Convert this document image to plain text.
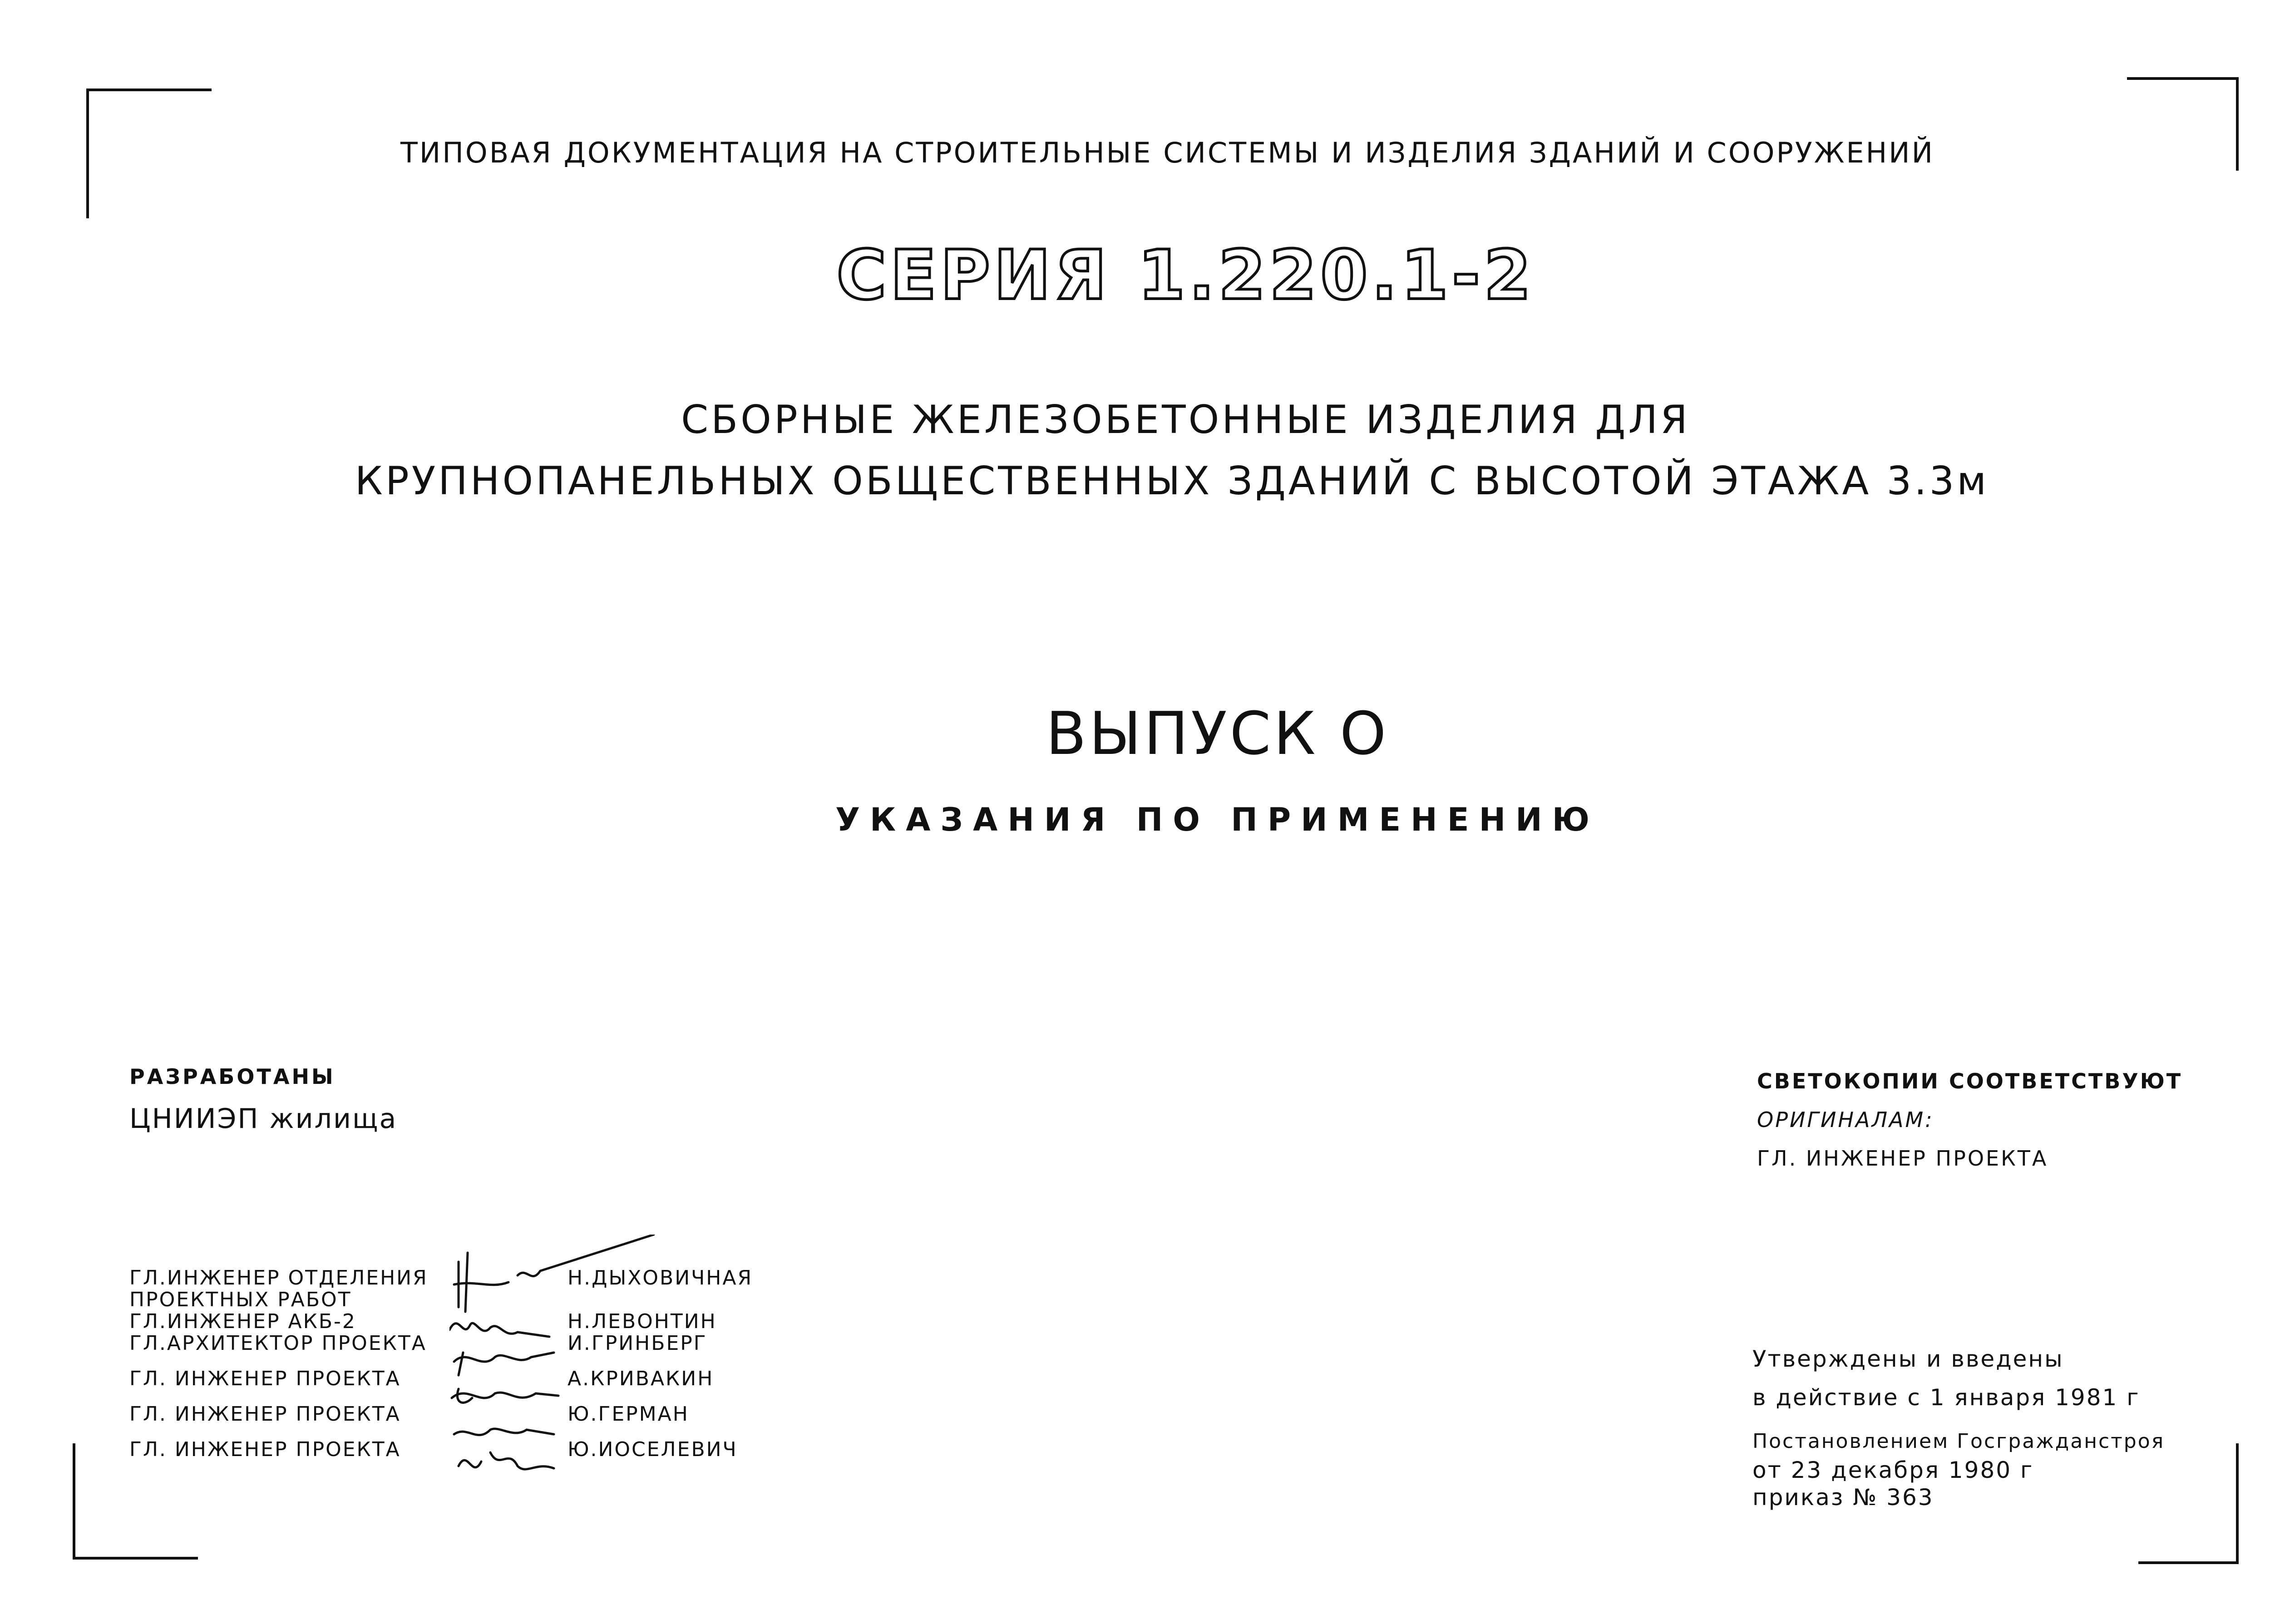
ТИПОВАЯ ДОКУМЕНТАЦИЯ НА СТРОИТЕЛЬНЫЕ СИСТЕМЫ И ИЗДЕЛИЯ ЗДАНИЙ И СООРУЖЕНИЙ
СЕРИЯ 1.220.1-2
СБОРНЫЕ ЖЕЛЕЗОБЕТОННЫЕ ИЗДЕЛИЯ ДЛЯ
КРУПНОПАНЕЛЬНЫХ ОБЩЕСТВЕННЫХ ЗДАНИЙ С ВЫСОТОЙ ЭТАЖА 3.3м
ВЫПУСК О
УКАЗАНИЯ ПО ПРИМЕНЕНИЮ
РАЗРАБОТАНЫ
ЦНИИЭП жилища
ГЛ.ИНЖЕНЕР ОТДЕЛЕНИЯ	Н.ДЫХОВИЧНАЯ
ПРОЕКТНЫХ РАБОТ
ГЛ.ИНЖЕНЕР АКБ-2	Н.ЛЕВОНТИН
ГЛ.АРХИТЕКТОР ПРОЕКТА	И.ГРИНБЕРГ
ГЛ. ИНЖЕНЕР ПРОЕКТА	А.КРИВАКИН
ГЛ. ИНЖЕНЕР ПРОЕКТА	Ю.ГЕРМАН
ГЛ. ИНЖЕНЕР ПРОЕКТА	Ю.ИОСЕЛЕВИЧ
СВЕТОКОПИИ СООТВЕТСТВУЮТ
ОРИГИНАЛАМ:
ГЛ. ИНЖЕНЕР ПРОЕКТА
Утверждены и введены
в действие с 1 января 1981 г
Постановлением Госгражданстроя
от 23 декабря 1980 г
приказ № 363
